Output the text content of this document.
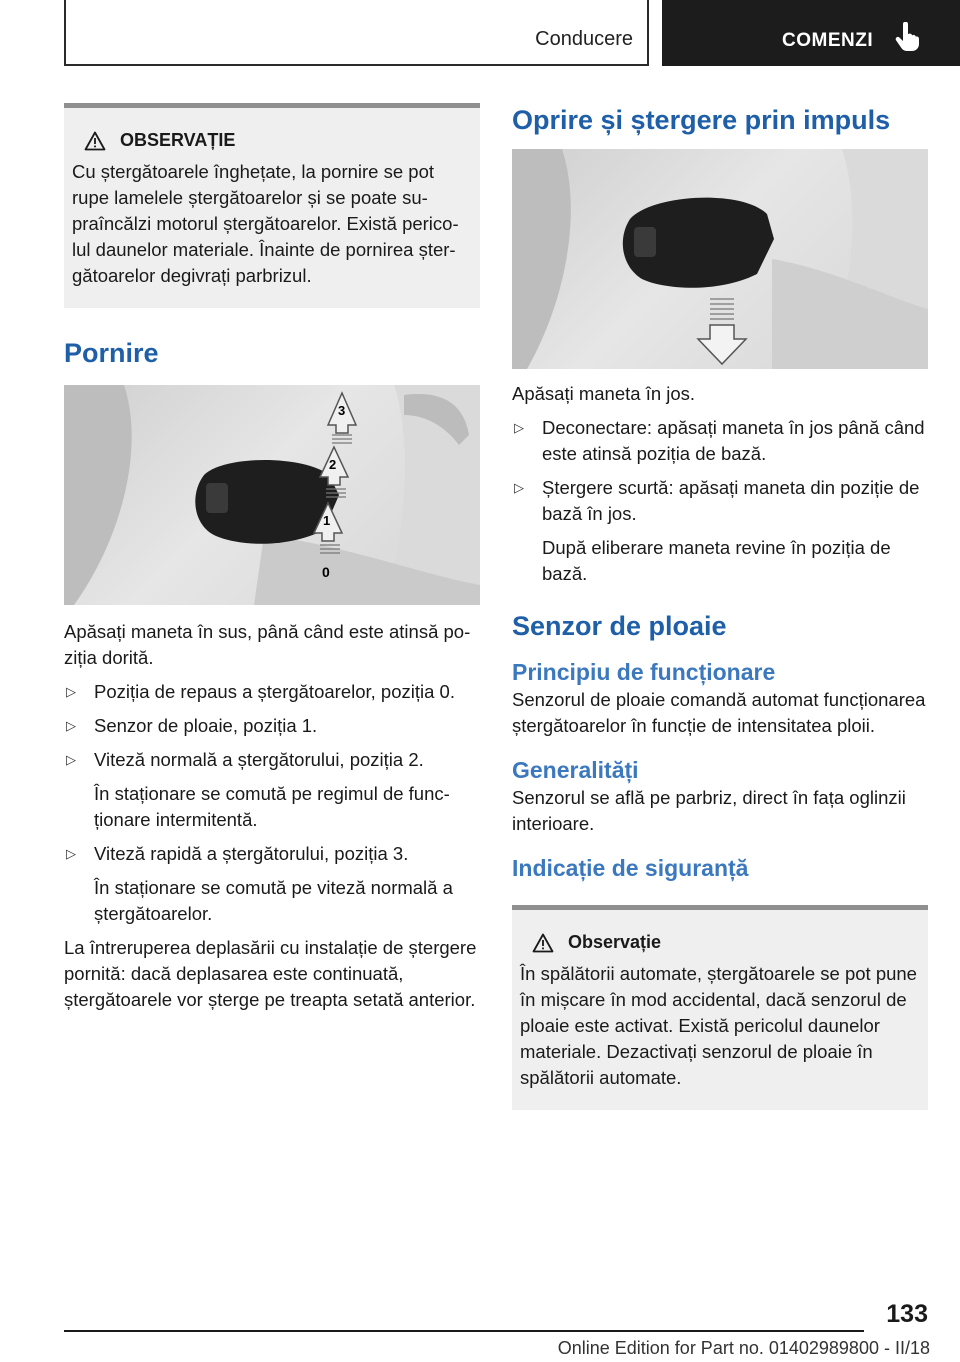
Conducere	COMENZI
OBSERVAȚIE
Cu ștergătoarele înghețate, la pornire se pot rupe lamelele ștergătoarelor și se poate supraîncălzi motorul ștergătoarelor. Există pericolul daunelor materiale. Înainte de pornirea ștergătoarelor degivrați parbrizul.
Pornire
3
2
1
0

Apăsați maneta în sus, până când este atinsă poziția dorită.

▷ Poziția de repaus a ștergătoarelor, poziția 0.
▷ Senzor de ploaie, poziția 1.
▷ Viteză normală a ștergătorului, poziția 2.
În staționare se comută pe regimul de funcționare intermitentă.
▷ Viteză rapidă a ștergătorului, poziția 3.
În staționare se comută pe viteză normală a ștergătoarelor.

La întreruperea deplasării cu instalație de ștergere pornită: dacă deplasarea este continuată, ștergătoarele vor șterge pe treapta setată anterior.

Oprire și ștergere prin impuls

Apăsați maneta în jos.

▷ Deconectare: apăsați maneta în jos până când este atinsă poziția de bază.
▷ Ștergere scurtă: apăsați maneta din poziție de bază în jos.
După eliberare maneta revine în poziția de bază.
Senzor de ploaie
Principiu de funcționare

Senzorul de ploaie comandă automat funcționarea ștergătoarelor în funcție de intensitatea ploii.

Generalități

Senzorul se află pe parbriz, direct în fața oglinzii interioare.

Indicație de siguranță
Observație
În spălătorii automate, ștergătoarele se pot pune în mișcare în mod accidental, dacă senzorul de ploaie este activat. Există pericolul daunelor materiale. Dezactivați senzorul de ploaie în spălătorii automate.
133
Online Edition for Part no. 01402989800 - II/18
